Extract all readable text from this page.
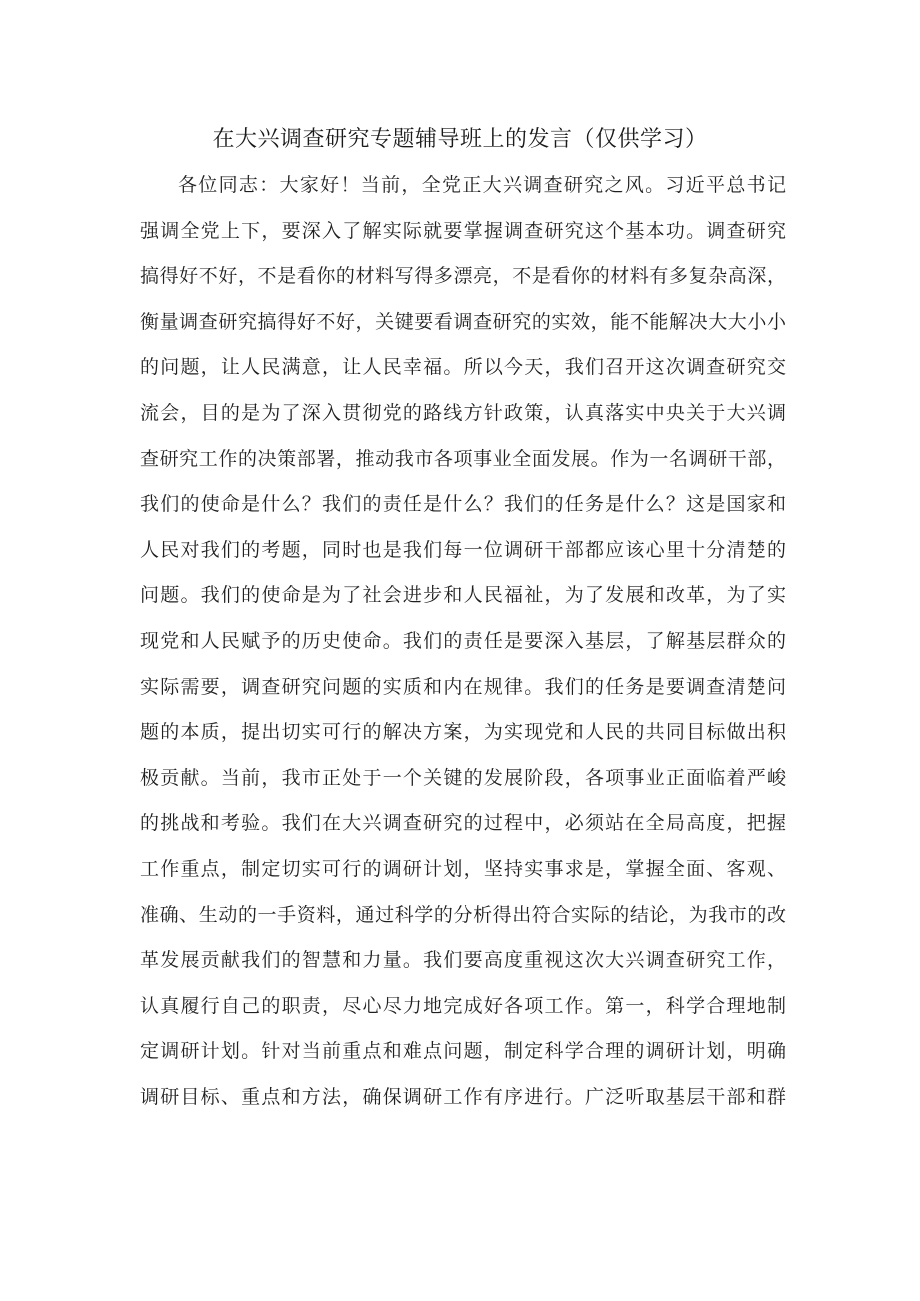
在大兴调查研究专题辅导班上的发言（仅供学习）
各位同志：大家好！当前，全党正大兴调查研究之风。习近平总书记
强调全党上下，要深入了解实际就要掌握调查研究这个基本功。调查研究
搞得好不好，不是看你的材料写得多漂亮，不是看你的材料有多复杂高深，
衡量调查研究搞得好不好，关键要看调查研究的实效，能不能解决大大小小
的问题，让人民满意，让人民幸福。所以今天，我们召开这次调查研究交
流会，目的是为了深入贯彻党的路线方针政策，认真落实中央关于大兴调
查研究工作的决策部署，推动我市各项事业全面发展。作为一名调研干部，
我们的使命是什么？我们的责任是什么？我们的任务是什么？这是国家和
人民对我们的考题，同时也是我们每一位调研干部都应该心里十分清楚的
问题。我们的使命是为了社会进步和人民福祉，为了发展和改革，为了实
现党和人民赋予的历史使命。我们的责任是要深入基层，了解基层群众的
实际需要，调查研究问题的实质和内在规律。我们的任务是要调查清楚问
题的本质，提出切实可行的解决方案，为实现党和人民的共同目标做出积
极贡献。当前，我市正处于一个关键的发展阶段，各项事业正面临着严峻
的挑战和考验。我们在大兴调查研究的过程中，必须站在全局高度，把握
工作重点，制定切实可行的调研计划，坚持实事求是，掌握全面、客观、
准确、生动的一手资料，通过科学的分析得出符合实际的结论，为我市的改
革发展贡献我们的智慧和力量。我们要高度重视这次大兴调查研究工作，
认真履行自己的职责，尽心尽力地完成好各项工作。第一，科学合理地制
定调研计划。针对当前重点和难点问题，制定科学合理的调研计划，明确
调研目标、重点和方法，确保调研工作有序进行。广泛听取基层干部和群
